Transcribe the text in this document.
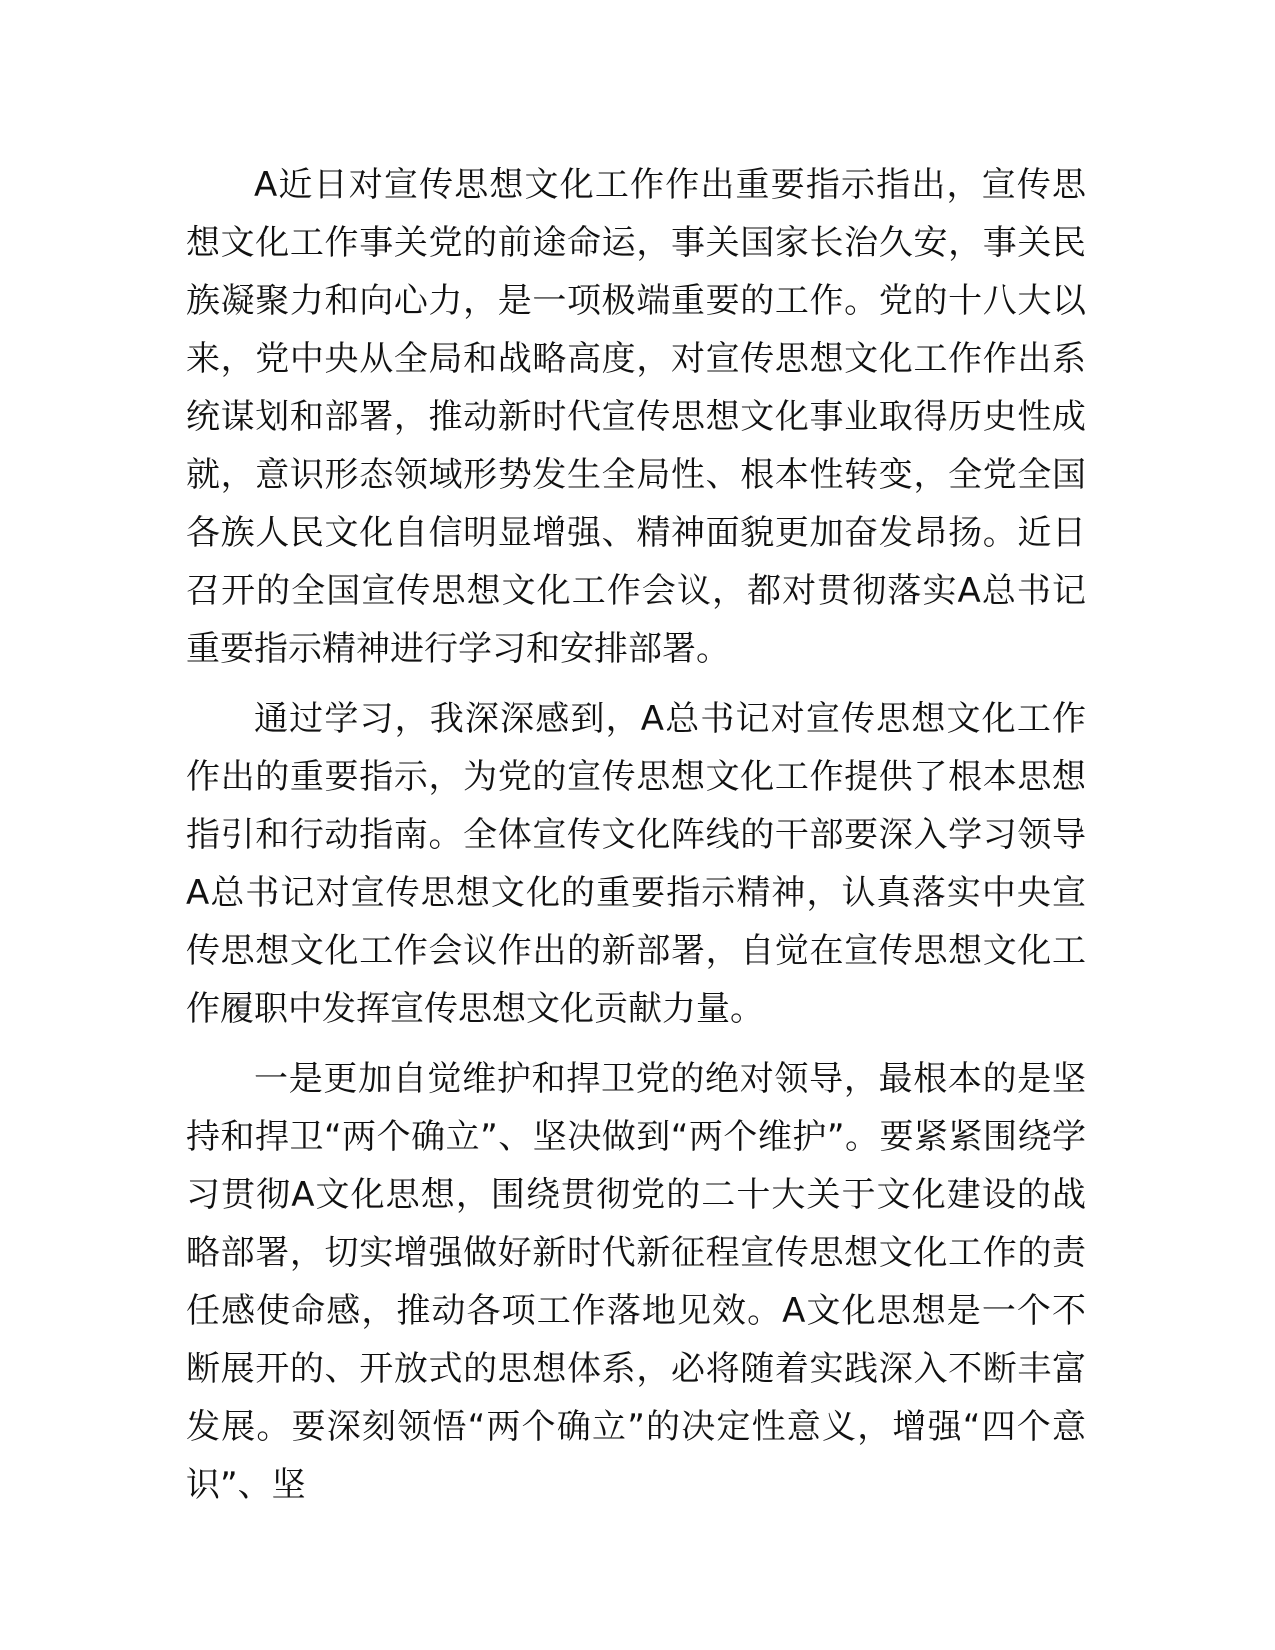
A近日对宣传思想文化工作作出重要指示指出，宣传思想文化工作事关党的前途命运，事关国家长治久安，事关民族凝聚力和向心力，是一项极端重要的工作。党的十八大以来，党中央从全局和战略高度，对宣传思想文化工作作出系统谋划和部署，推动新时代宣传思想文化事业取得历史性成就，意识形态领域形势发生全局性、根本性转变，全党全国各族人民文化自信明显增强、精神面貌更加奋发昂扬。近日召开的全国宣传思想文化工作会议，都对贯彻落实A总书记重要指示精神进行学习和安排部署。

通过学习，我深深感到，A总书记对宣传思想文化工作作出的重要指示，为党的宣传思想文化工作提供了根本思想指引和行动指南。全体宣传文化阵线的干部要深入学习领导A总书记对宣传思想文化的重要指示精神，认真落实中央宣传思想文化工作会议作出的新部署，自觉在宣传思想文化工作履职中发挥宣传思想文化贡献力量。

一是更加自觉维护和捍卫党的绝对领导，最根本的是坚持和捍卫“两个确立”、坚决做到“两个维护”。要紧紧围绕学习贯彻A文化思想，围绕贯彻党的二十大关于文化建设的战略部署，切实增强做好新时代新征程宣传思想文化工作的责任感使命感，推动各项工作落地见效。A文化思想是一个不断展开的、开放式的思想体系，必将随着实践深入不断丰富发展。要深刻领悟“两个确立”的决定性意义，增强“四个意识”、坚
